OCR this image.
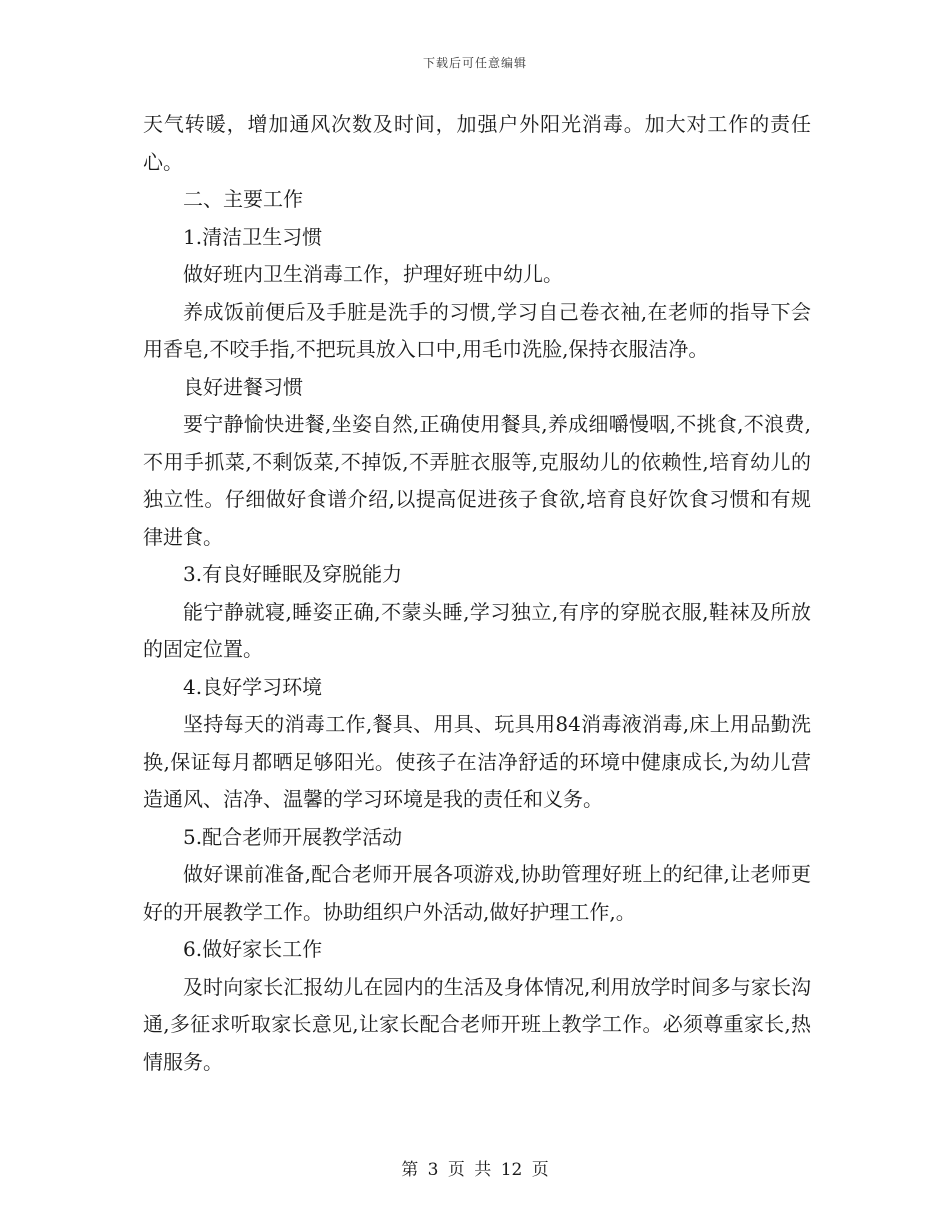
下载后可任意编辑

天气转暖，增加通风次数及时间，加强户外阳光消毒。加大对工作的责任心。

二、主要工作

1.清洁卫生习惯

做好班内卫生消毒工作，护理好班中幼儿。

养成饭前便后及手脏是洗手的习惯,学习自己卷衣袖,在老师的指导下会用香皂,不咬手指,不把玩具放入口中,用毛巾洗脸,保持衣服洁净。

良好进餐习惯

要宁静愉快进餐,坐姿自然,正确使用餐具,养成细嚼慢咽,不挑食,不浪费,不用手抓菜,不剩饭菜,不掉饭,不弄脏衣服等,克服幼儿的依赖性,培育幼儿的独立性。仔细做好食谱介绍,以提高促进孩子食欲,培育良好饮食习惯和有规律进食。

3.有良好睡眠及穿脱能力

能宁静就寝,睡姿正确,不蒙头睡,学习独立,有序的穿脱衣服,鞋袜及所放的固定位置。

4.良好学习环境

坚持每天的消毒工作,餐具、用具、玩具用84消毒液消毒,床上用品勤洗换,保证每月都晒足够阳光。使孩子在洁净舒适的环境中健康成长,为幼儿营造通风、洁净、温馨的学习环境是我的责任和义务。

5.配合老师开展教学活动

做好课前准备,配合老师开展各项游戏,协助管理好班上的纪律,让老师更好的开展教学工作。协助组织户外活动,做好护理工作,。

6.做好家长工作

及时向家长汇报幼儿在园内的生活及身体情况,利用放学时间多与家长沟通,多征求听取家长意见,让家长配合老师开班上教学工作。必须尊重家长,热情服务。

第 3 页 共 12 页
